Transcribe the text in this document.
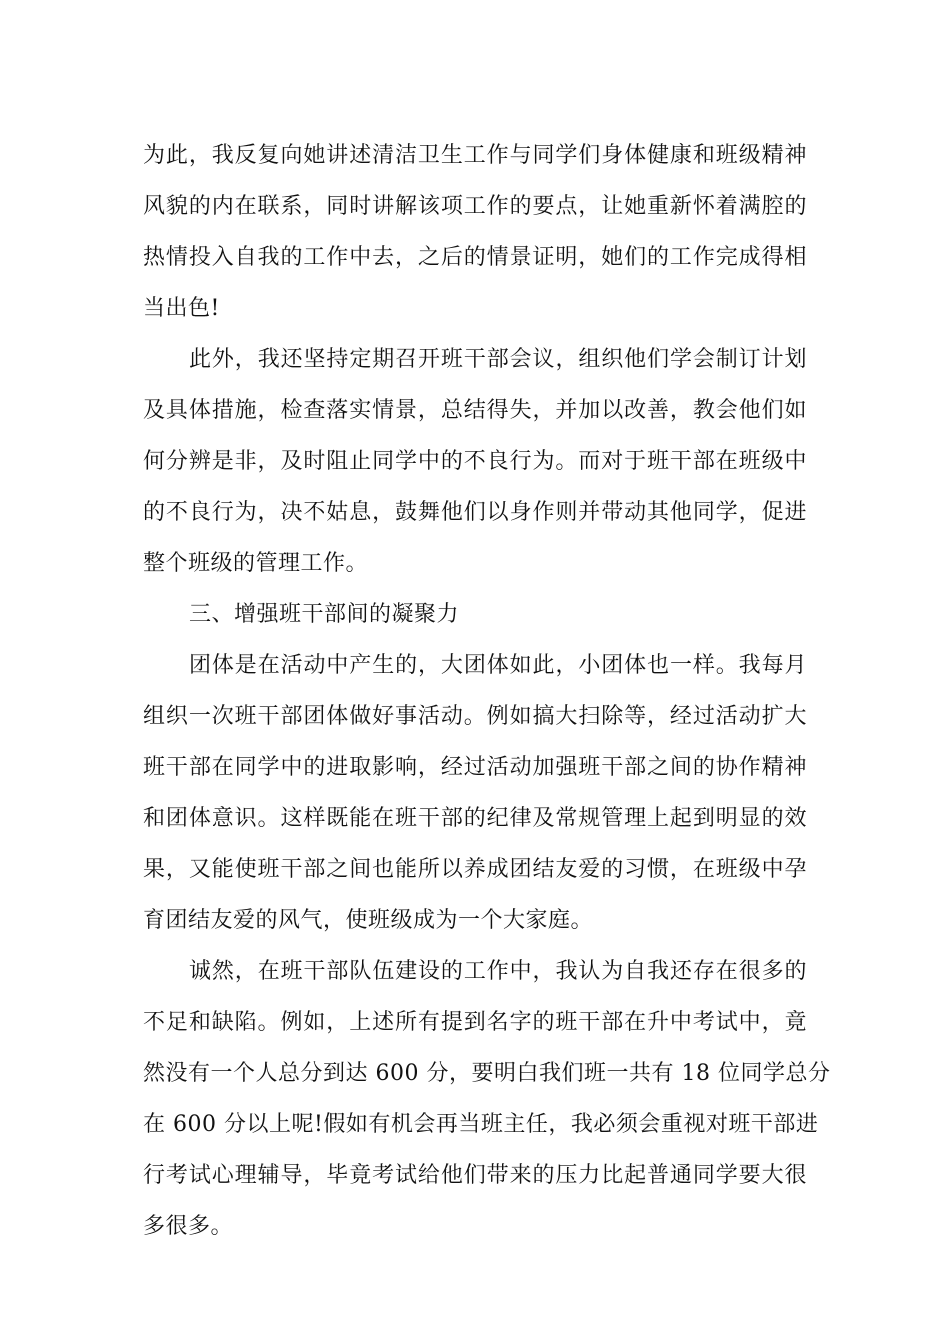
为此，我反复向她讲述清洁卫生工作与同学们身体健康和班级精神
风貌的内在联系，同时讲解该项工作的要点，让她重新怀着满腔的
热情投入自我的工作中去，之后的情景证明，她们的工作完成得相
当出色!
此外，我还坚持定期召开班干部会议，组织他们学会制订计划
及具体措施，检查落实情景，总结得失，并加以改善，教会他们如
何分辨是非，及时阻止同学中的不良行为。而对于班干部在班级中
的不良行为，决不姑息，鼓舞他们以身作则并带动其他同学，促进
整个班级的管理工作。
三、增强班干部间的凝聚力
团体是在活动中产生的，大团体如此，小团体也一样。我每月
组织一次班干部团体做好事活动。例如搞大扫除等，经过活动扩大
班干部在同学中的进取影响，经过活动加强班干部之间的协作精神
和团体意识。这样既能在班干部的纪律及常规管理上起到明显的效
果，又能使班干部之间也能所以养成团结友爱的习惯，在班级中孕
育团结友爱的风气，使班级成为一个大家庭。
诚然，在班干部队伍建设的工作中，我认为自我还存在很多的
不足和缺陷。例如，上述所有提到名字的班干部在升中考试中，竟
然没有一个人总分到达 600 分，要明白我们班一共有 18 位同学总分
在 600 分以上呢!假如有机会再当班主任，我必须会重视对班干部进
行考试心理辅导，毕竟考试给他们带来的压力比起普通同学要大很
多很多。
